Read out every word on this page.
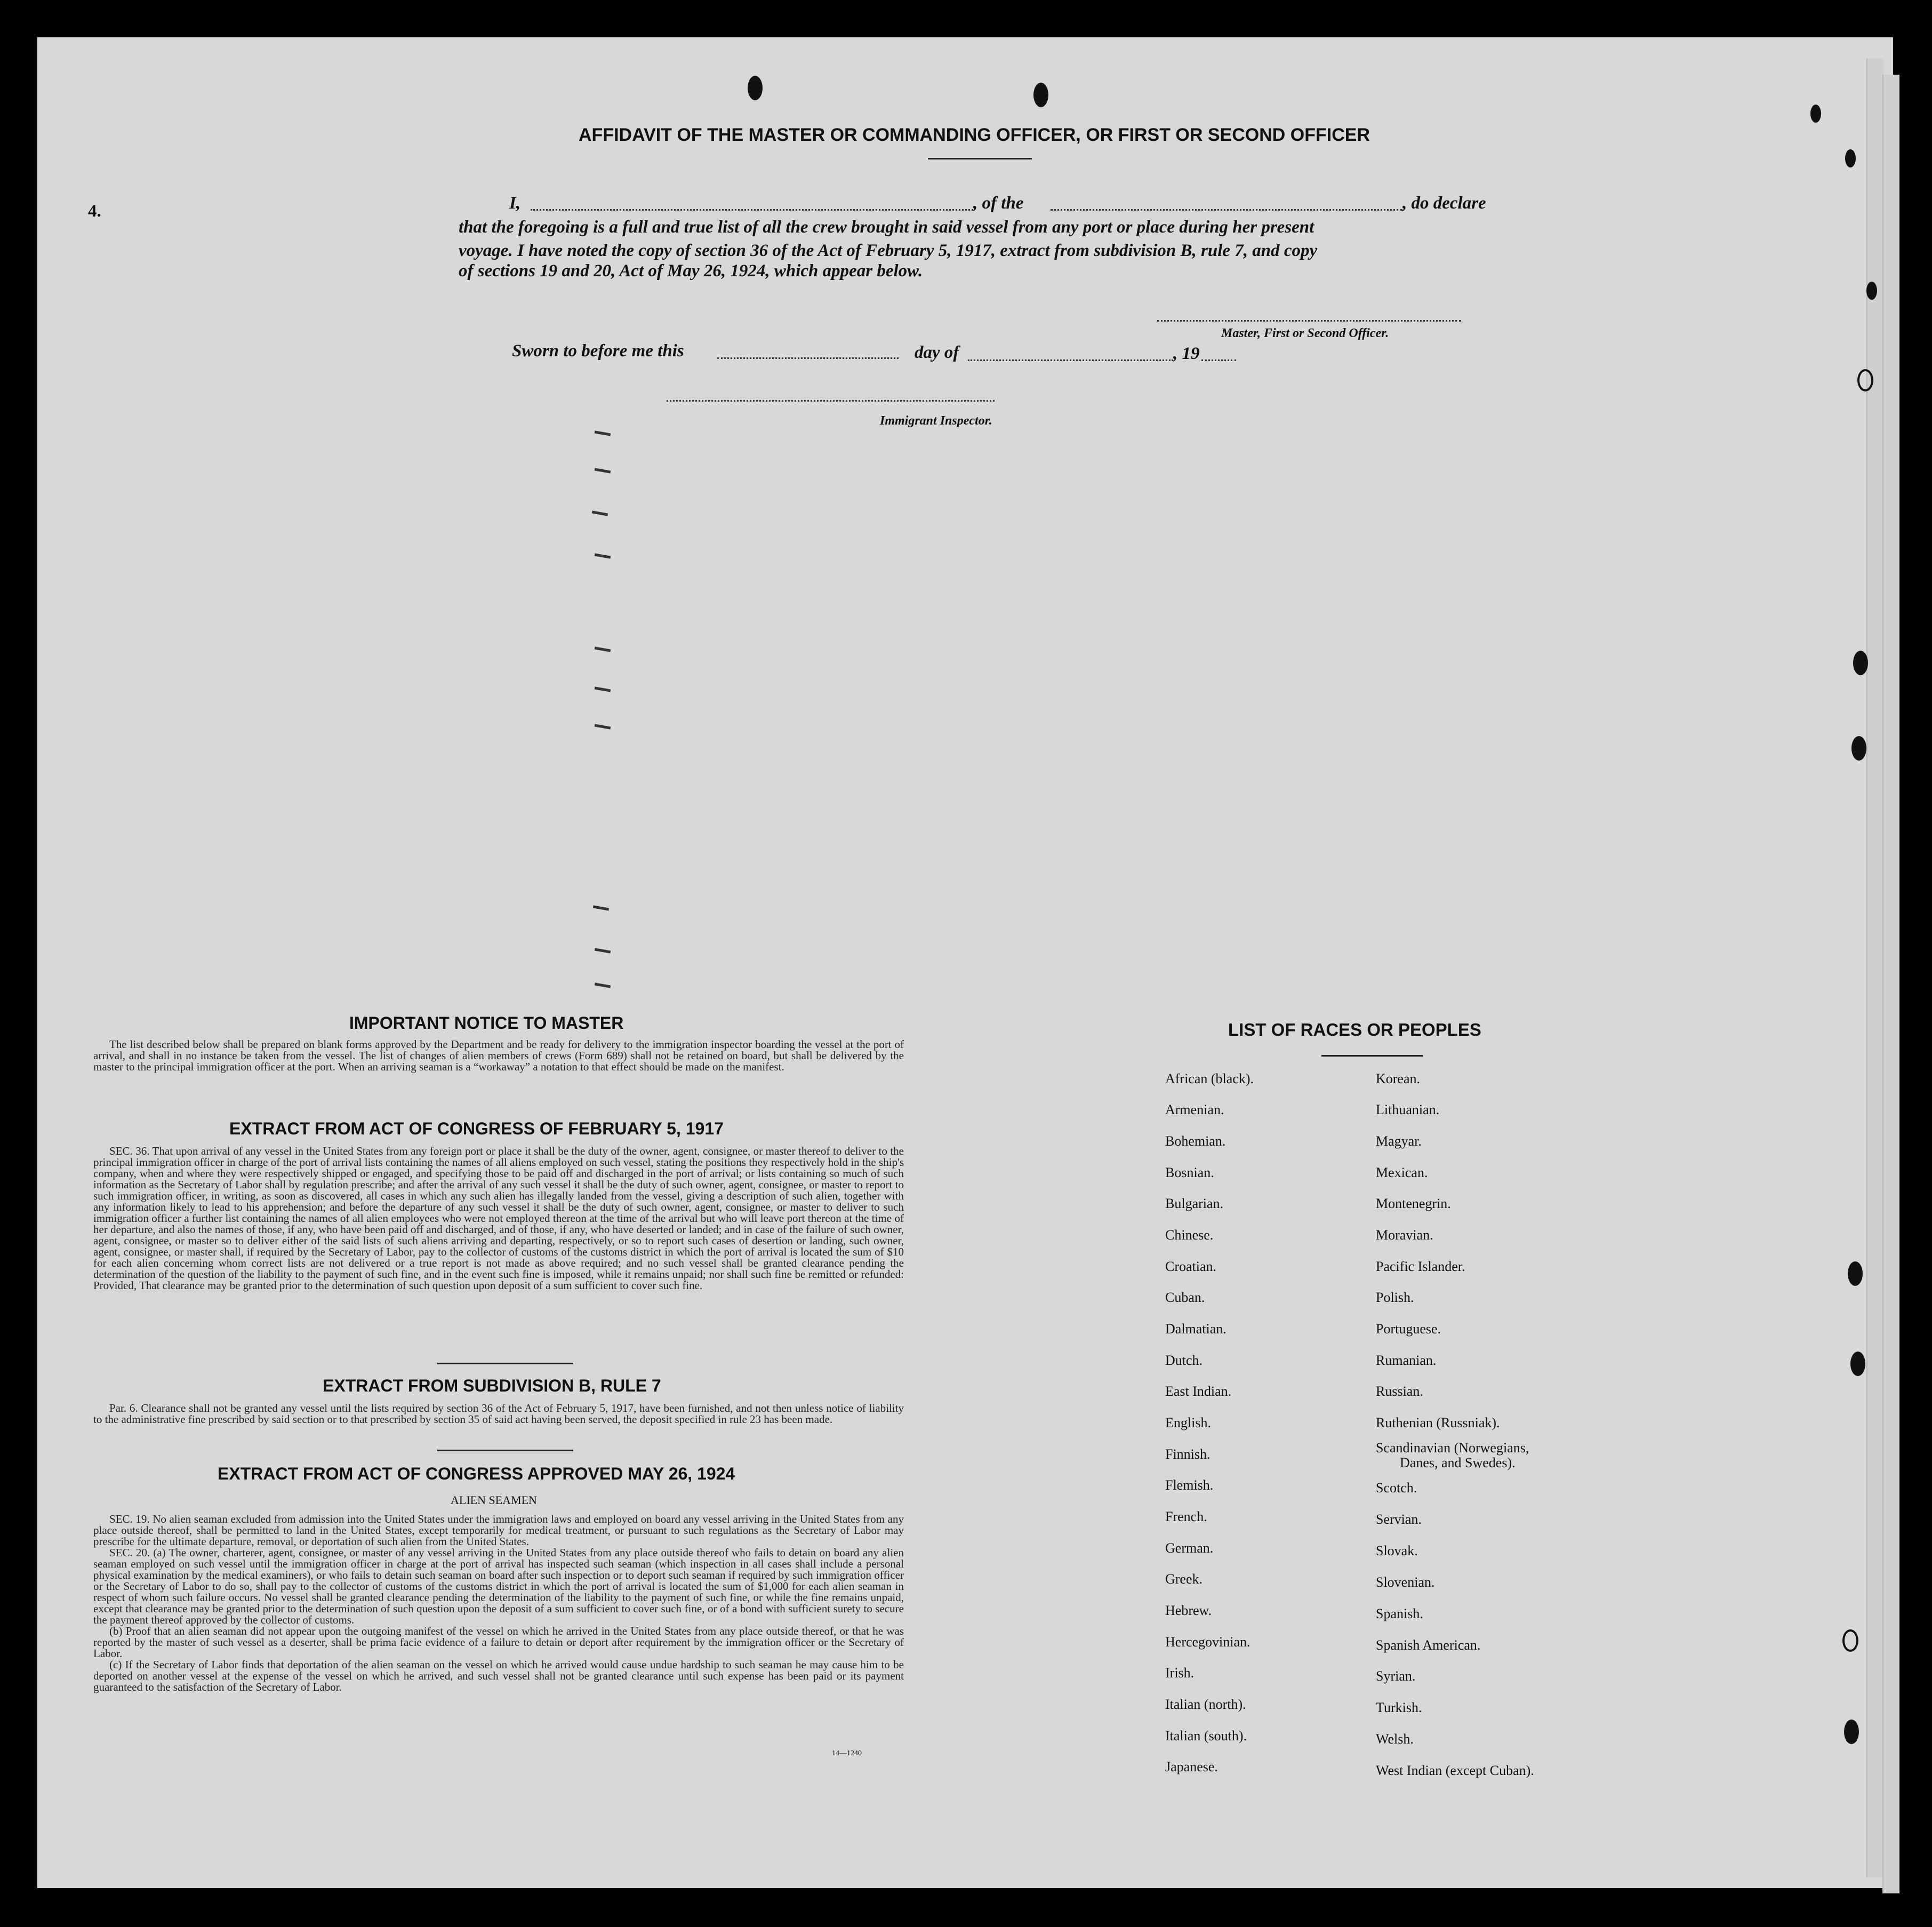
4.
AFFIDAVIT OF THE MASTER OR COMMANDING OFFICER, OR FIRST OR SECOND OFFICER
I,	, of the	, do declare
that the foregoing is a full and true list of all the crew brought in said vessel from any port or place during her present
voyage. I have noted the copy of section 36 of the Act of February 5, 1917, extract from subdivision B, rule 7, and copy
of sections 19 and 20, Act of May 26, 1924, which appear below.
Master, First or Second Officer.
Sworn to before me this	day of	, 19
Immigrant Inspector.
IMPORTANT NOTICE TO MASTER

The list described below shall be prepared on blank forms approved by the Department and be ready for delivery to the immigration inspector boarding the vessel at the port of arrival, and shall in no instance be taken from the vessel. The list of changes of alien members of crews (Form 689) shall not be retained on board, but shall be delivered by the master to the principal immigration officer at the port. When an arriving seaman is a “workaway” a notation to that effect should be made on the manifest.

EXTRACT FROM ACT OF CONGRESS OF FEBRUARY 5, 1917

SEC. 36. That upon arrival of any vessel in the United States from any foreign port or place it shall be the duty of the owner, agent, consignee, or master thereof to deliver to the principal immigration officer in charge of the port of arrival lists containing the names of all aliens employed on such vessel, stating the positions they respectively hold in the ship's company, when and where they were respectively shipped or engaged, and specifying those to be paid off and discharged in the port of arrival; or lists containing so much of such information as the Secretary of Labor shall by regulation prescribe; and after the arrival of any such vessel it shall be the duty of such owner, agent, consignee, or master to report to such immigration officer, in writing, as soon as discovered, all cases in which any such alien has illegally landed from the vessel, giving a description of such alien, together with any information likely to lead to his apprehension; and before the departure of any such vessel it shall be the duty of such owner, agent, consignee, or master to deliver to such immigration officer a further list containing the names of all alien employees who were not employed thereon at the time of the arrival but who will leave port thereon at the time of her departure, and also the names of those, if any, who have been paid off and discharged, and of those, if any, who have deserted or landed; and in case of the failure of such owner, agent, consignee, or master so to deliver either of the said lists of such aliens arriving and departing, respectively, or so to report such cases of desertion or landing, such owner, agent, consignee, or master shall, if required by the Secretary of Labor, pay to the collector of customs of the customs district in which the port of arrival is located the sum of $10 for each alien concerning whom correct lists are not delivered or a true report is not made as above required; and no such vessel shall be granted clearance pending the determination of the question of the liability to the payment of such fine, and in the event such fine is imposed, while it remains unpaid; nor shall such fine be remitted or refunded: Provided, That clearance may be granted prior to the determination of such question upon deposit of a sum sufficient to cover such fine.

EXTRACT FROM SUBDIVISION B, RULE 7

Par. 6. Clearance shall not be granted any vessel until the lists required by section 36 of the Act of February 5, 1917, have been furnished, and not then unless notice of liability to the administrative fine prescribed by said section or to that prescribed by section 35 of said act having been served, the deposit specified in rule 23 has been made.

EXTRACT FROM ACT OF CONGRESS APPROVED MAY 26, 1924
ALIEN SEAMEN

SEC. 19. No alien seaman excluded from admission into the United States under the immigration laws and employed on board any vessel arriving in the United States from any place outside thereof, shall be permitted to land in the United States, except temporarily for medical treatment, or pursuant to such regulations as the Secretary of Labor may prescribe for the ultimate departure, removal, or deportation of such alien from the United States.

SEC. 20. (a) The owner, charterer, agent, consignee, or master of any vessel arriving in the United States from any place outside thereof who fails to detain on board any alien seaman employed on such vessel until the immigration officer in charge at the port of arrival has inspected such seaman (which inspection in all cases shall include a personal physical examination by the medical examiners), or who fails to detain such seaman on board after such inspection or to deport such seaman if required by such immigration officer or the Secretary of Labor to do so, shall pay to the collector of customs of the customs district in which the port of arrival is located the sum of $1,000 for each alien seaman in respect of whom such failure occurs. No vessel shall be granted clearance pending the determination of the liability to the payment of such fine, or while the fine remains unpaid, except that clearance may be granted prior to the determination of such question upon the deposit of a sum sufficient to cover such fine, or of a bond with sufficient surety to secure the payment thereof approved by the collector of customs.

(b) Proof that an alien seaman did not appear upon the outgoing manifest of the vessel on which he arrived in the United States from any place outside thereof, or that he was reported by the master of such vessel as a deserter, shall be prima facie evidence of a failure to detain or deport after requirement by the immigration officer or the Secretary of Labor.

(c) If the Secretary of Labor finds that deportation of the alien seaman on the vessel on which he arrived would cause undue hardship to such seaman he may cause him to be deported on another vessel at the expense of the vessel on which he arrived, and such vessel shall not be granted clearance until such expense has been paid or its payment guaranteed to the satisfaction of the Secretary of Labor.

14—1240
LIST OF RACES OR PEOPLES
African (black).
Armenian.
Bohemian.
Bosnian.
Bulgarian.
Chinese.
Croatian.
Cuban.
Dalmatian.
Dutch.
East Indian.
English.
Finnish.
Flemish.
French.
German.
Greek.
Hebrew.
Hercegovinian.
Irish.
Italian (north).
Italian (south).
Japanese.
Korean.
Lithuanian.
Magyar.
Mexican.
Montenegrin.
Moravian.
Pacific Islander.
Polish.
Portuguese.
Rumanian.
Russian.
Ruthenian (Russniak).
Scandinavian (Norwegians,
Danes, and Swedes).
Scotch.
Servian.
Slovak.
Slovenian.
Spanish.
Spanish American.
Syrian.
Turkish.
Welsh.
West Indian (except Cuban).
